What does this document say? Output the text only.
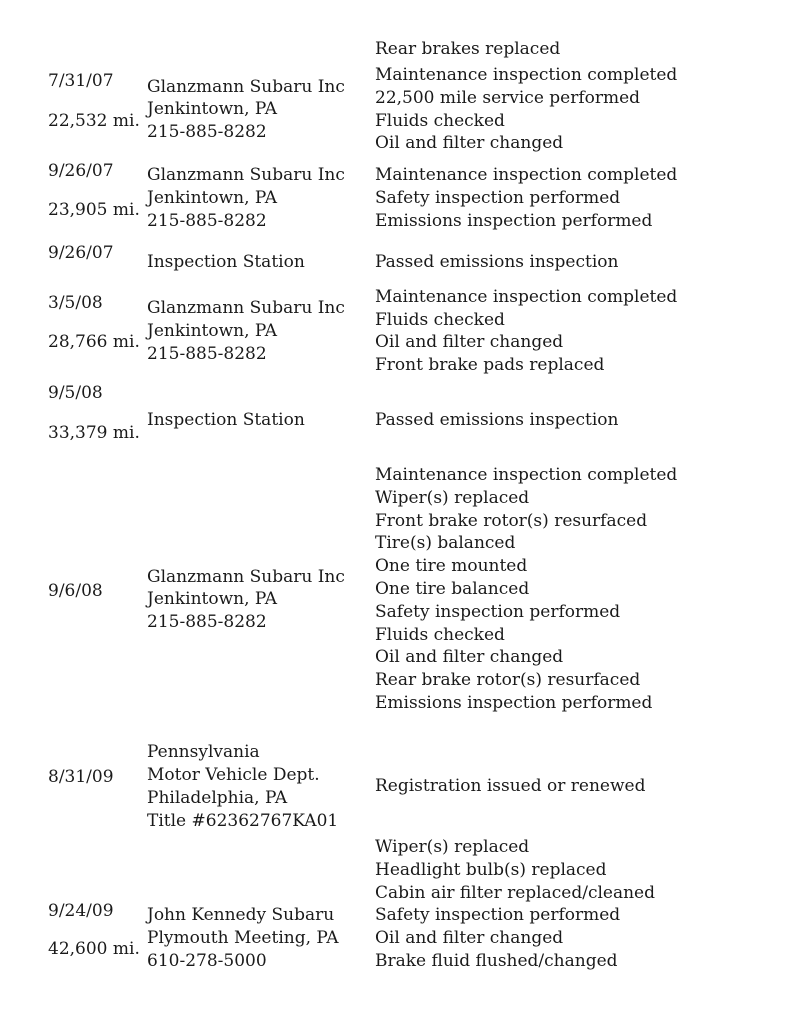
Rear brakes replaced
7/31/07
22,532 mi.
Glanzmann Subaru Inc
Jenkintown, PA
215-885-8282
Maintenance inspection completed
22,500 mile service performed
Fluids checked
Oil and filter changed
9/26/07
23,905 mi.
Glanzmann Subaru Inc
Jenkintown, PA
215-885-8282
Maintenance inspection completed
Safety inspection performed
Emissions inspection performed
9/26/07 Inspection Station	Passed emissions inspection
3/5/08
28,766 mi.
Glanzmann Subaru Inc
Jenkintown, PA
215-885-8282
Maintenance inspection completed
Fluids checked
Oil and filter changed
Front brake pads replaced
9/5/08
33,379 mi.
Inspection Station	Passed emissions inspection
9/6/08
Glanzmann Subaru Inc
Jenkintown, PA
215-885-8282
Maintenance inspection completed
Wiper(s) replaced
Front brake rotor(s) resurfaced
Tire(s) balanced
One tire mounted
One tire balanced
Safety inspection performed
Fluids checked
Oil and filter changed
Rear brake rotor(s) resurfaced
Emissions inspection performed
8/31/09
Pennsylvania
Motor Vehicle Dept.
Philadelphia, PA
Title #62362767KA01
Registration issued or renewed
9/24/09
42,600 mi.
John Kennedy Subaru
Plymouth Meeting, PA
610-278-5000
Wiper(s) replaced
Headlight bulb(s) replaced
Cabin air filter replaced/cleaned
Safety inspection performed
Oil and filter changed
Brake fluid flushed/changed
